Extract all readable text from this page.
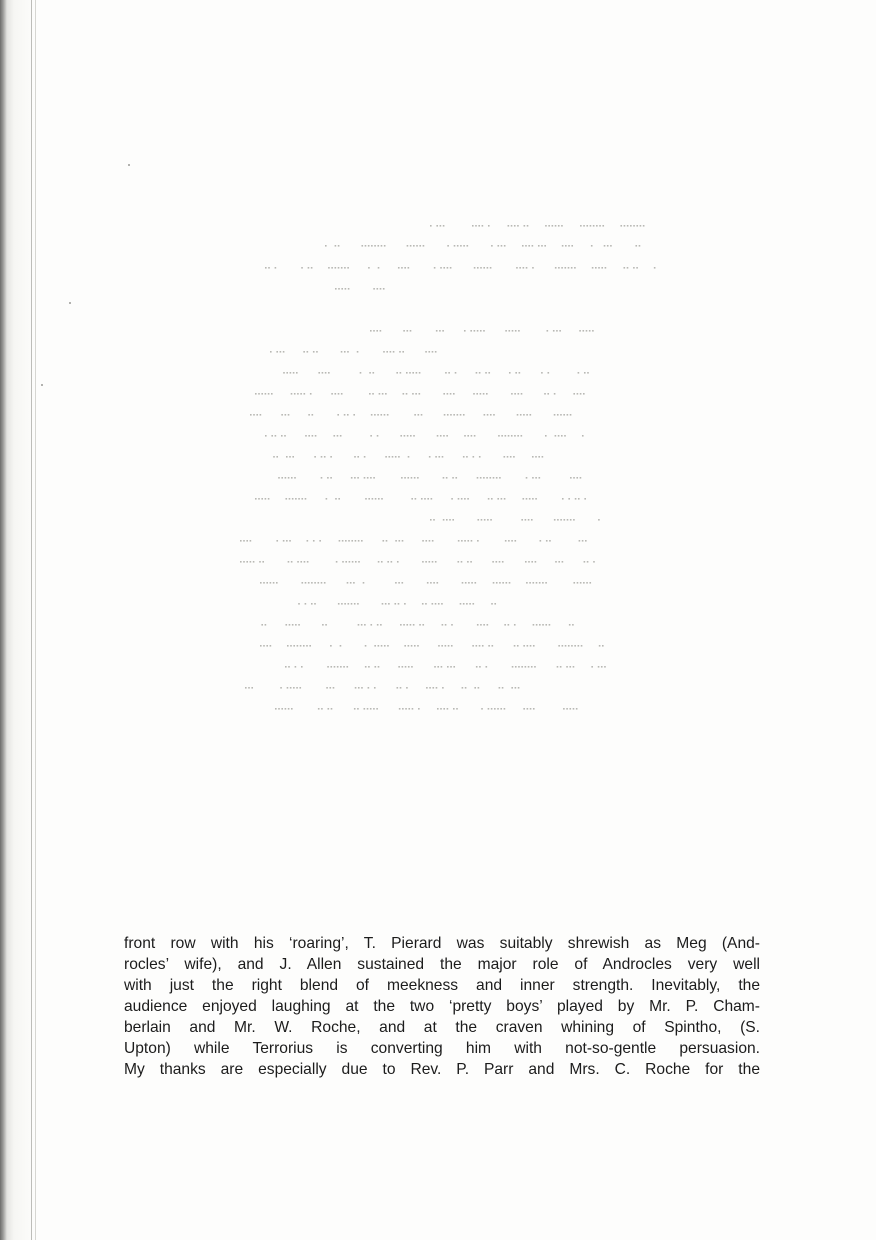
front row with his ‘roaring’, T. Pierard was suitably shrewish as Meg (And-
rocles’ wife), and J. Allen sustained the major role of Androcles very well
with just the right blend of meekness and inner strength. Inevitably, the
audience enjoyed laughing at the two ‘pretty boys’ played by Mr. P. Cham-
berlain and Mr. W. Roche, and at the craven whining of Spintho, (S.
Upton) while Terrorius is converting him with not-so-gentle persuasion.
My thanks are especially due to Rev. P. Parr and Mrs. C. Roche for the
